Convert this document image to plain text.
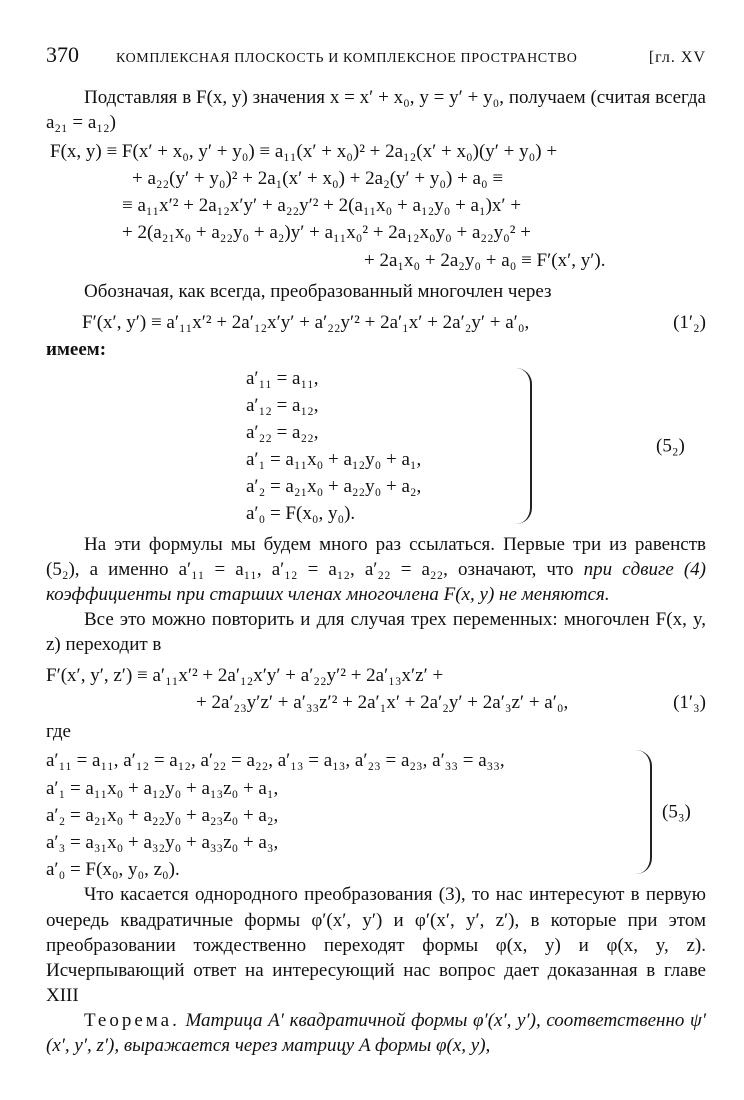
370	КОМПЛЕКСНАЯ ПЛОСКОСТЬ И КОМПЛЕКСНОЕ ПРОСТРАНСТВО	[гл. XV

Подставляя в F(x, y) значения x = x′ + x₀, y = y′ + y₀, получаем (считая всегда a₂₁ = a₁₂)

F(x, y) ≡ F(x′ + x₀, y′ + y₀) ≡ a₁₁(x′ + x₀)² + 2a₁₂(x′ + x₀)(y′ + y₀) +
+ a₂₂(y′ + y₀)² + 2a₁(x′ + x₀) + 2a₂(y′ + y₀) + a₀ ≡
≡ a₁₁x′² + 2a₁₂x′y′ + a₂₂y′² + 2(a₁₁x₀ + a₁₂y₀ + a₁)x′ +
+ 2(a₂₁x₀ + a₂₂y₀ + a₂)y′ + a₁₁x₀² + 2a₁₂x₀y₀ + a₂₂y₀² +
+ 2a₁x₀ + 2a₂y₀ + a₀ ≡ F′(x′, y′).

Обозначая, как всегда, преобразованный многочлен через

F′(x′, y′) ≡ a′₁₁x′² + 2a′₁₂x′y′ + a′₂₂y′² + 2a′₁x′ + 2a′₂y′ + a′₀,	(1′₂)

имеем:

a′₁₁ = a₁₁,
a′₁₂ = a₁₂,
a′₂₂ = a₂₂,
a′₁ = a₁₁x₀ + a₁₂y₀ + a₁,
a′₂ = a₂₁x₀ + a₂₂y₀ + a₂,
a′₀ = F(x₀, y₀).
(5₂)

На эти формулы мы будем много раз ссылаться. Первые три из равенств (5₂), а именно a′₁₁ = a₁₁, a′₁₂ = a₁₂, a′₂₂ = a₂₂, означают, что при сдвиге (4) коэффициенты при старших членах многочлена F(x, y) не меняются.

Все это можно повторить и для случая трех переменных: многочлен F(x, y, z) переходит в

F′(x′, y′, z′) ≡ a′₁₁x′² + 2a′₁₂x′y′ + a′₂₂y′² + 2a′₁₃x′z′ +
+ 2a′₂₃y′z′ + a′₃₃z′² + 2a′₁x′ + 2a′₂y′ + 2a′₃z′ + a′₀,	(1′₃)

где

a′₁₁ = a₁₁, a′₁₂ = a₁₂, a′₂₂ = a₂₂, a′₁₃ = a₁₃, a′₂₃ = a₂₃, a′₃₃ = a₃₃,
a′₁ = a₁₁x₀ + a₁₂y₀ + a₁₃z₀ + a₁,
a′₂ = a₂₁x₀ + a₂₂y₀ + a₂₃z₀ + a₂,
a′₃ = a₃₁x₀ + a₃₂y₀ + a₃₃z₀ + a₃,
a′₀ = F(x₀, y₀, z₀).
(5₃)

Что касается однородного преобразования (3), то нас интересуют в первую очередь квадратичные формы φ′(x′, y′) и φ′(x′, y′, z′), в которые при этом преобразовании тождественно переходят формы φ(x, y) и φ(x, y, z). Исчерпывающий ответ на интересующий нас вопрос дает доказанная в главе XIII

Теорема. Матрица A′ квадратичной формы φ′(x′, y′), соответственно ψ′(x′, y′, z′), выражается через матрицу A формы φ(x, y),
